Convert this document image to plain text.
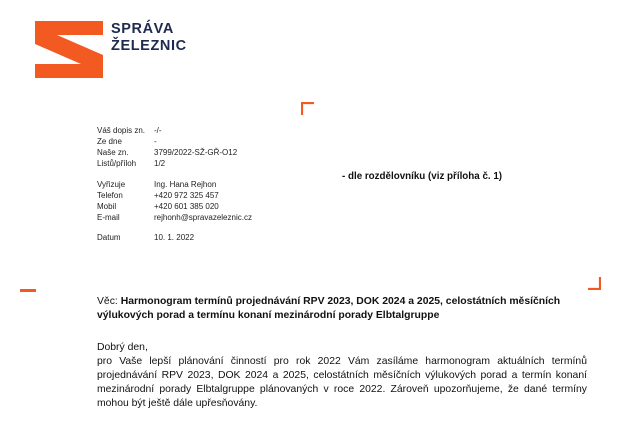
SPRÁVA
ŽELEZNIC
Váš dopis zn. -/-
Ze dne	-
Naše zn.	3799/2022-SŽ-GŘ-O12
Listů/příloh 1/2
Vyřizuje	Ing. Hana Rejhon
Telefon	+420 972 325 457
Mobil	+420 601 385 020
E-mail	rejhonh@spravazeleznic.cz
Datum	10. 1. 2022
- dle rozdělovníku (viz příloha č. 1)
Věc: Harmonogram termínů projednávání RPV 2023, DOK 2024 a 2025, celostátních měsíčních výlukových porad a termínu konaní mezinárodní porady Elbtalgruppe

Dobrý den,

pro Vaše lepší plánování činností pro rok 2022 Vám zasíláme harmonogram aktuálních termínů projednávání RPV 2023, DOK 2024 a 2025, celostátních měsíčních výlukových porad a termín konaní mezinárodní porady Elbtalgruppe plánovaných v roce 2022. Zároveň upozorňujeme, že dané termíny mohou být ještě dále upřesňovány.
